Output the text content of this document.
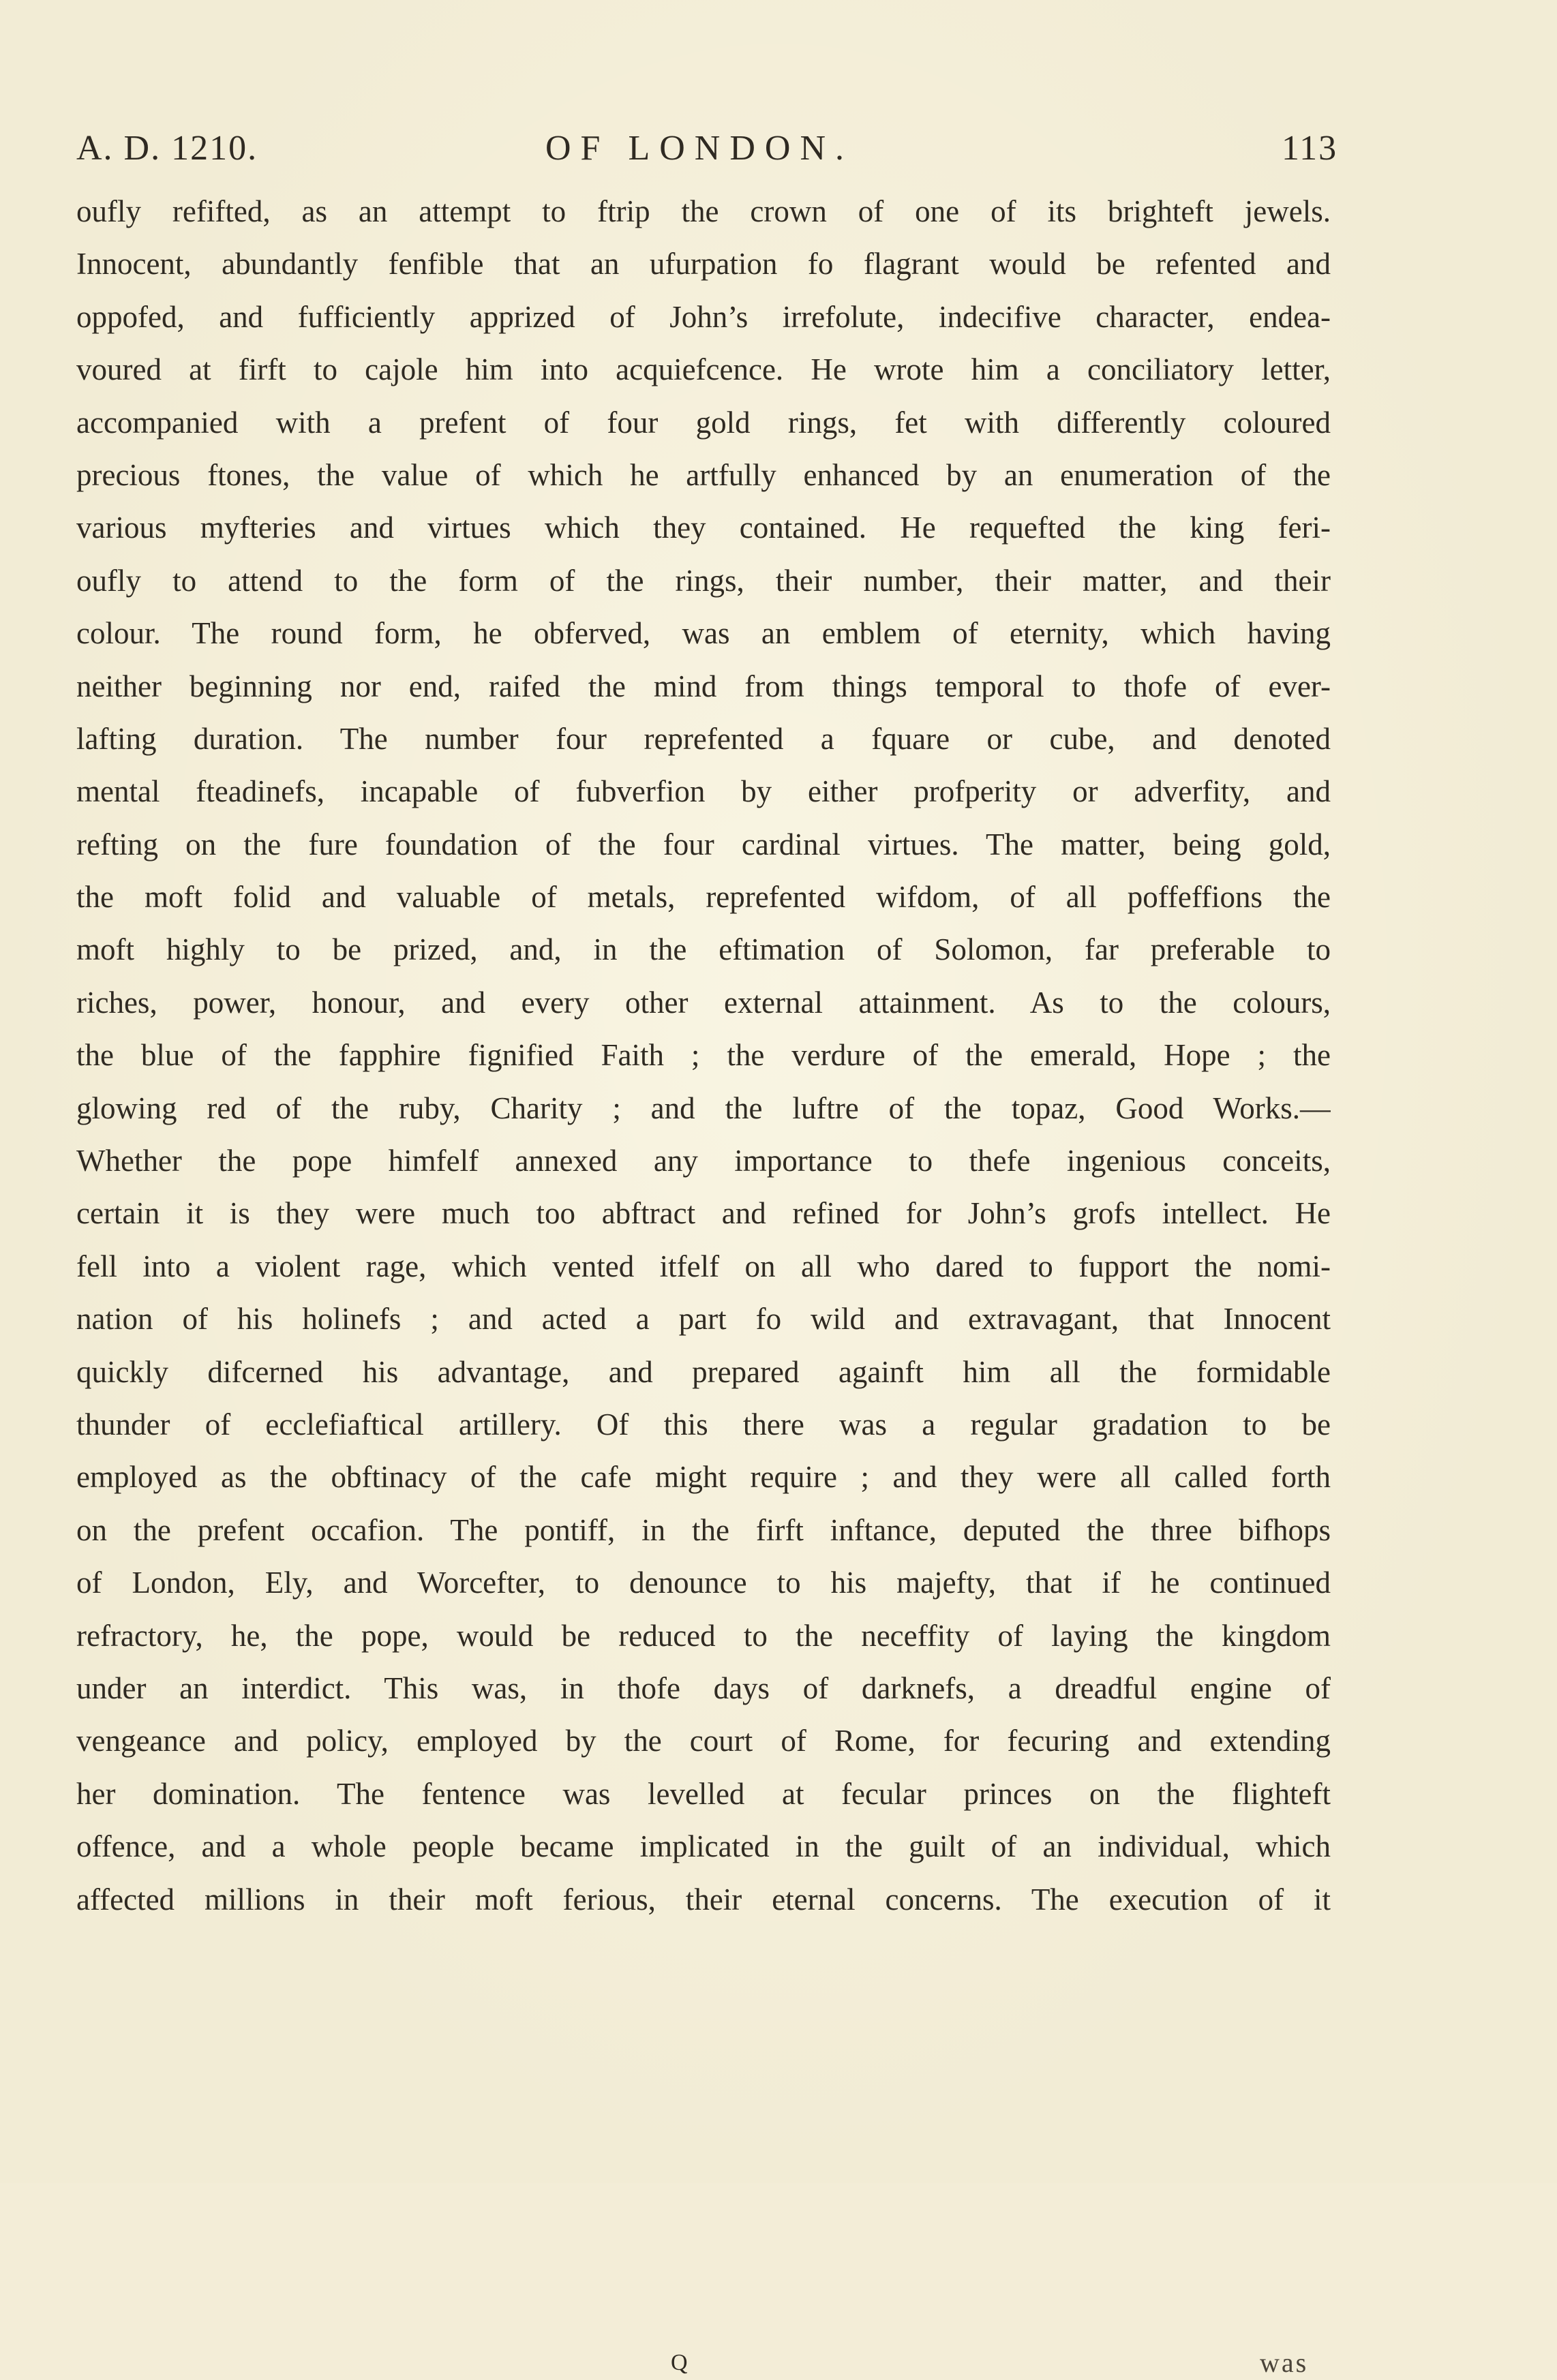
A. D. 1210.	OF LONDON.	113
oufly refifted, as an attempt to ftrip the crown of one of its brighteft jewels.
Innocent, abundantly fenfible that an ufurpation fo flagrant would be refented and
oppofed, and fufficiently apprized of John’s irrefolute, indecifive character, endea-
voured at firft to cajole him into acquiefcence. He wrote him a conciliatory letter,
accompanied with a prefent of four gold rings, fet with differently coloured
precious ftones, the value of which he artfully enhanced by an enumeration of the
various myfteries and virtues which they contained. He requefted the king feri-
oufly to attend to the form of the rings, their number, their matter, and their
colour. The round form, he obferved, was an emblem of eternity, which having
neither beginning nor end, raifed the mind from things temporal to thofe of ever-
lafting duration. The number four reprefented a fquare or cube, and denoted
mental fteadinefs, incapable of fubverfion by either profperity or adverfity, and
refting on the fure foundation of the four cardinal virtues. The matter, being gold,
the moft folid and valuable of metals, reprefented wifdom, of all poffeffions the
moft highly to be prized, and, in the eftimation of Solomon, far preferable to
riches, power, honour, and every other external attainment. As to the colours,
the blue of the fapphire fignified Faith ; the verdure of the emerald, Hope ; the
glowing red of the ruby, Charity ; and the luftre of the topaz, Good Works.—
Whether the pope himfelf annexed any importance to thefe ingenious conceits,
certain it is they were much too abftract and refined for John’s grofs intellect. He
fell into a violent rage, which vented itfelf on all who dared to fupport the nomi-
nation of his holinefs ; and acted a part fo wild and extravagant, that Innocent
quickly difcerned his advantage, and prepared againft him all the formidable
thunder of ecclefiaftical artillery. Of this there was a regular gradation to be
employed as the obftinacy of the cafe might require ; and they were all called forth
on the prefent occafion. The pontiff, in the firft inftance, deputed the three bifhops
of London, Ely, and Worcefter, to denounce to his majefty, that if he continued
refractory, he, the pope, would be reduced to the neceffity of laying the kingdom
under an interdict. This was, in thofe days of darknefs, a dreadful engine of
vengeance and policy, employed by the court of Rome, for fecuring and extending
her domination. The fentence was levelled at fecular princes on the flighteft
offence, and a whole people became implicated in the guilt of an individual, which
affected millions in their moft ferious, their eternal concerns. The execution of it
Q	was
